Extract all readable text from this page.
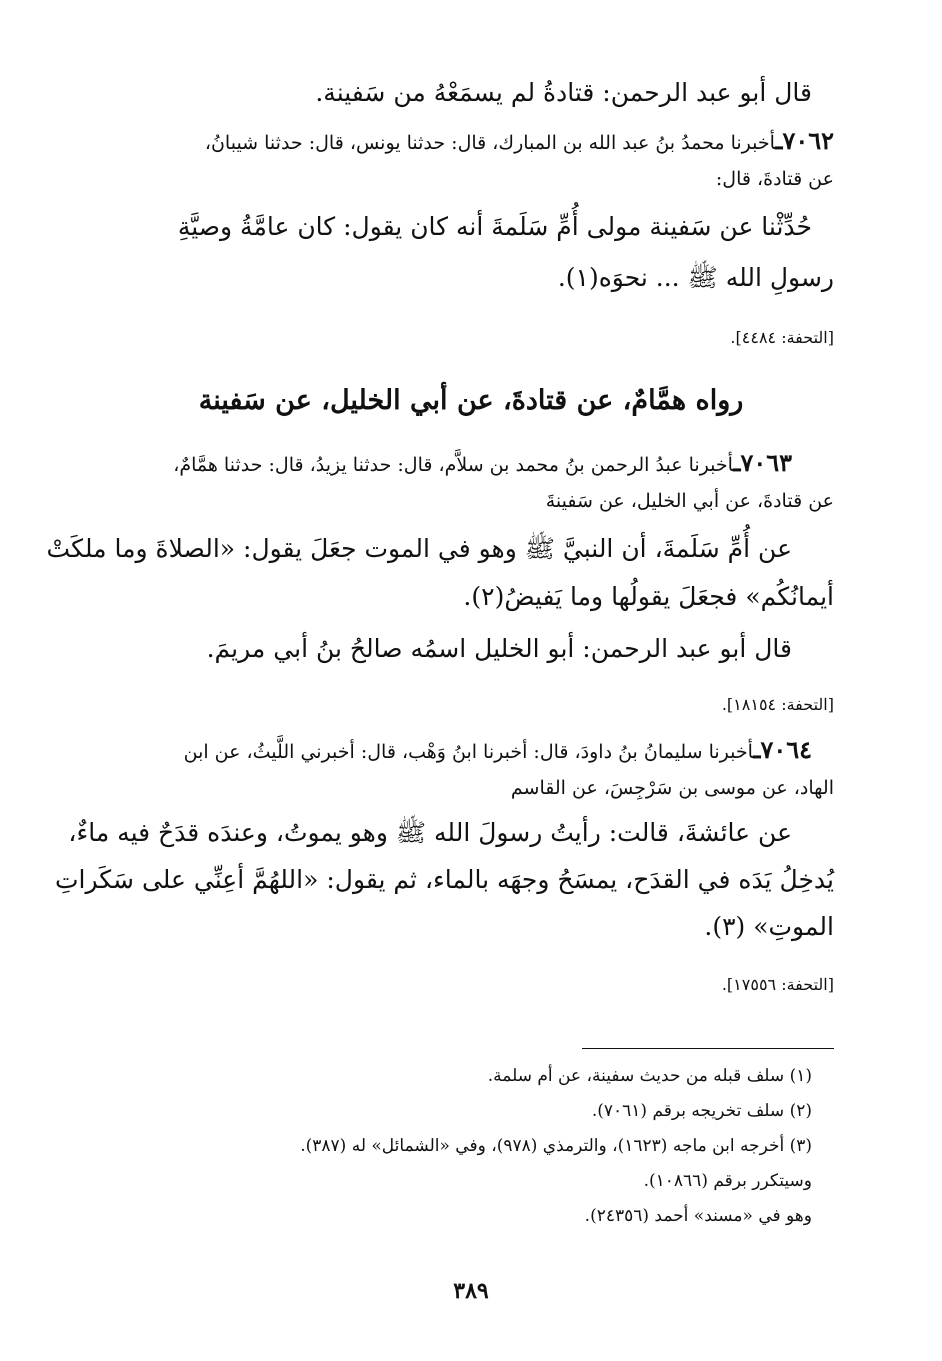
قال أبو عبد الرحمن: قتادةُ لم يسمَعْهُ من سَفينة.
٧٠٦٢ـأخبرنا محمدُ بنُ عبد الله بن المبارك، قال: حدثنا يونس، قال: حدثنا شيبانُ،
عن قتادةَ، قال:
حُدِّثْنا عن سَفينة مولى أُمِّ سَلَمةَ أنه كان يقول: كان عامَّةُ وصيَّةِ
رسولِ الله ﷺ ... نحوَه(١).
[التحفة: ٤٤٨٤].
رواه همَّامٌ، عن قتادةَ، عن أبي الخليل، عن سَفينة
٧٠٦٣ـأخبرنا عبدُ الرحمن بنُ محمد بن سلاَّم، قال: حدثنا يزيدُ، قال: حدثنا همَّامٌ،
عن قتادةَ، عن أبي الخليل، عن سَفينةَ
عن أُمِّ سَلَمةَ، أن النبيَّ ﷺ وهو في الموت جعَلَ يقول: «الصلاةَ وما ملكَتْ
أيمانُكُم» فجعَلَ يقولُها وما يَفيضُ(٢).
قال أبو عبد الرحمن: أبو الخليل اسمُه صالحُ بنُ أبي مريمَ.
[التحفة: ١٨١٥٤].
٧٠٦٤ـأخبرنا سليمانُ بنُ داودَ، قال: أخبرنا ابنُ وَهْب، قال: أخبرني اللَّيثُ، عن ابن
الهاد، عن موسى بن سَرْجِسَ، عن القاسم
عن عائشةَ، قالت: رأيتُ رسولَ الله ﷺ وهو يموتُ، وعندَه قدَحٌ فيه ماءٌ،
يُدخِلُ يَدَه في القدَح، يمسَحُ وجهَه بالماء، ثم يقول: «اللهُمَّ أعِنِّي على سَكَراتِ
الموتِ» (٣).
[التحفة: ١٧٥٥٦].
(١) سلف قبله من حديث سفينة، عن أم سلمة.
(٢) سلف تخريجه برقم (٧٠٦١).
(٣) أخرجه ابن ماجه (١٦٢٣)، والترمذي (٩٧٨)، وفي «الشمائل» له (٣٨٧).
وسيتكرر برقم (١٠٨٦٦).
وهو في «مسند» أحمد (٢٤٣٥٦).
٣٨٩
